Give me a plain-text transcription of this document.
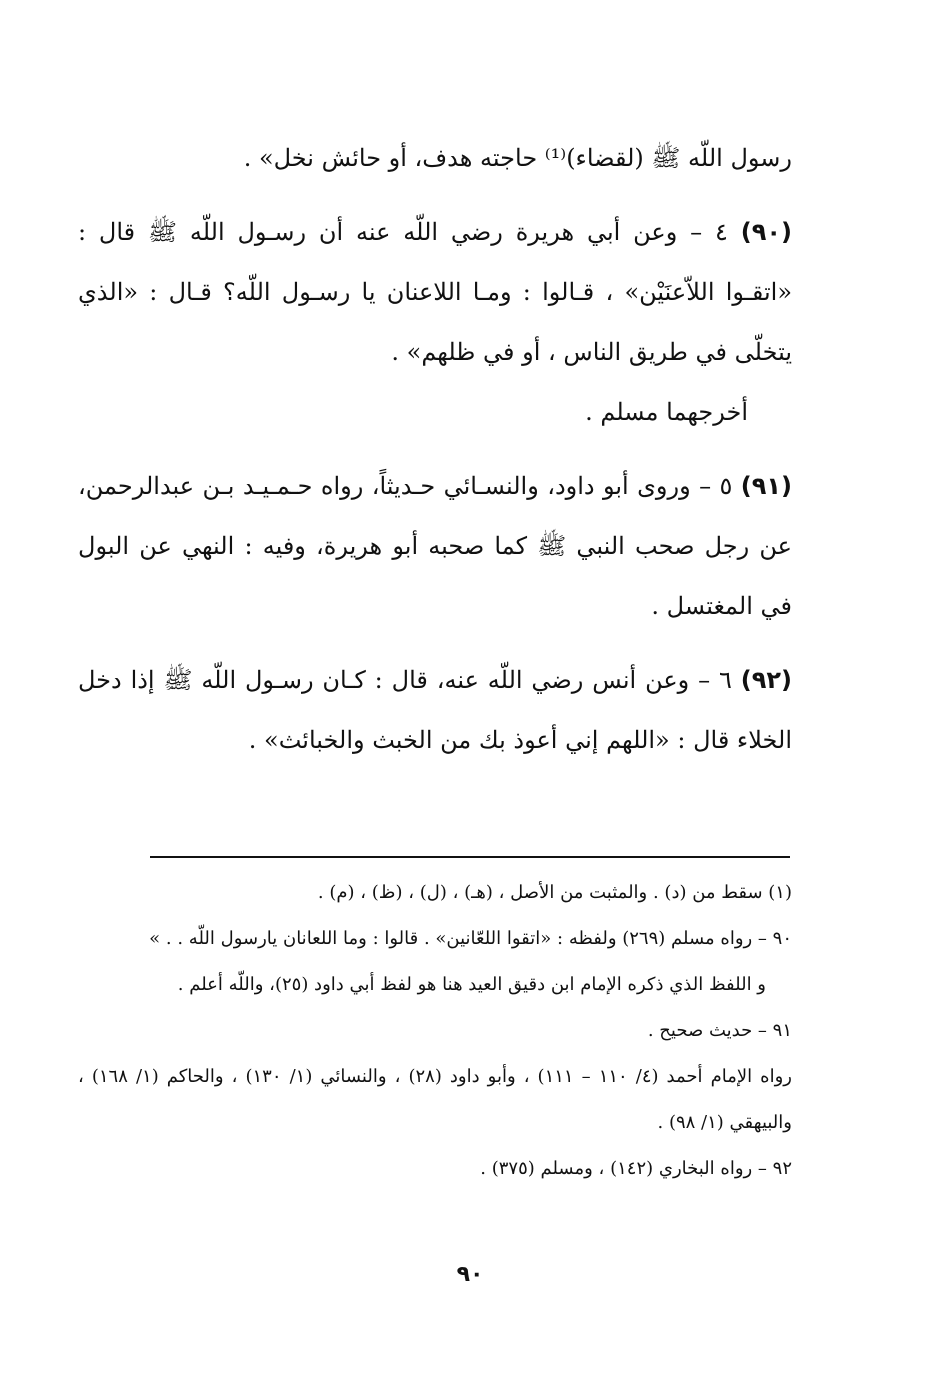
رسول اللّه ﷺ (لقضاء)⁽¹⁾ حاجته هدف، أو حائش نخل» .

(٩٠) ٤ – وعن أبي هريرة رضي اللّه عنه أن رسـول اللّه ﷺ قال : «اتقـوا اللاّعنَيْن» ، قـالوا : ومـا اللاعنان يا رسـول اللّه؟ قـال : «الذي يتخلّى في طريق الناس ، أو في ظلهم» .

أخرجهما مسلم .

(٩١) ٥ – وروى أبو داود، والنسـائي حـديثاً، رواه حـمـيـد بـن عبدالرحمن، عن رجل صحب النبي ﷺ كما صحبه أبو هريرة، وفيه : النهي عن البول في المغتسل .

(٩٢) ٦ – وعن أنس رضي اللّه عنه، قال : كـان رسـول اللّه ﷺ إذا دخل الخلاء قال : «اللهم إني أعوذ بك من الخبث والخبائث» .

(١) سقط من (د) . والمثبت من الأصل ، (هـ) ، (ل) ، (ظ) ، (م) .

٩٠ – رواه مسلم (٢٦٩) ولفظه : «اتقوا اللعّانين» . قالوا : وما اللعانان يارسول اللّه . . »

و اللفظ الذي ذكره الإمام ابن دقيق العيد هنا هو لفظ أبي داود (٢٥)، واللّه أعلم .

٩١ – حديث صحيح .

رواه الإمام أحمد (٤/ ١١٠ – ١١١) ، وأبو داود (٢٨) ، والنسائي (١/ ١٣٠) ، والحاكم (١/ ١٦٨) ، والبيهقي (١/ ٩٨) .

٩٢ – رواه البخاري (١٤٢) ، ومسلم (٣٧٥) .

٩٠
